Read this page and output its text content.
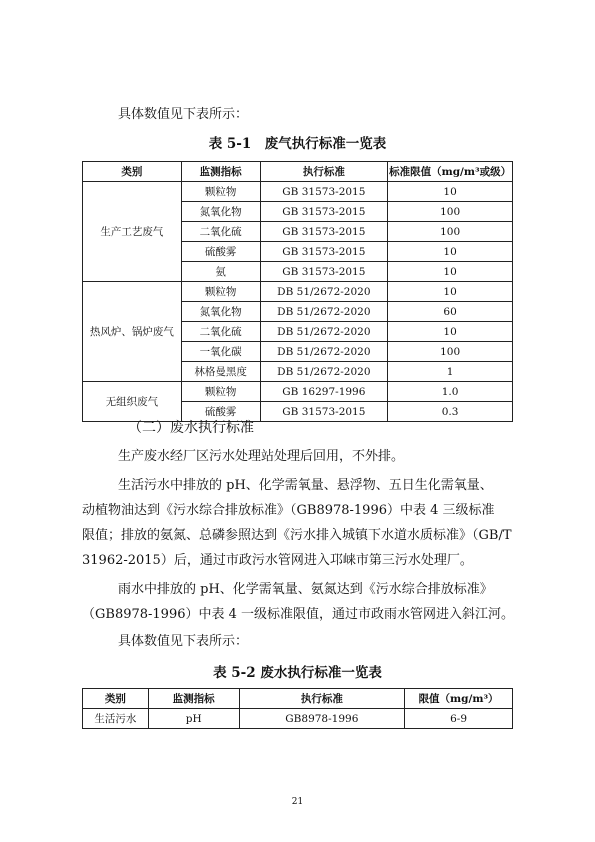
具体数值见下表所示：
表 5-1　废气执行标准一览表
类别	监测指标	执行标准	标准限值（mg/m³或级）
生产工艺废气	颗粒物	GB 31573-2015	10
	氮氧化物	GB 31573-2015	100
	二氧化硫	GB 31573-2015	100
	硫酸雾	GB 31573-2015	10
	氨	GB 31573-2015	10
热风炉、锅炉废气	颗粒物	DB 51/2672-2020	10
	氮氧化物	DB 51/2672-2020	60
	二氧化硫	DB 51/2672-2020	10
	一氧化碳	DB 51/2672-2020	100
	林格曼黑度	DB 51/2672-2020	1
无组织废气	颗粒物	GB 16297-1996	1.0
	硫酸雾	GB 31573-2015	0.3
（二）废水执行标准
生产废水经厂区污水处理站处理后回用，不外排。
生活污水中排放的 pH、化学需氧量、悬浮物、五日生化需氧量、
动植物油达到《污水综合排放标准》（GB8978-1996）中表 4 三级标准
限值；排放的氨氮、总磷参照达到《污水排入城镇下水道水质标准》（GB/T
31962-2015）后，通过市政污水管网进入邛崃市第三污水处理厂。
雨水中排放的 pH、化学需氧量、氨氮达到《污水综合排放标准》
（GB8978-1996）中表 4 一级标准限值，通过市政雨水管网进入斜江河。
具体数值见下表所示：
表 5-2 废水执行标准一览表
类别	监测指标	执行标准	限值（mg/m³）
生活污水	pH	GB8978-1996	6-9
21
